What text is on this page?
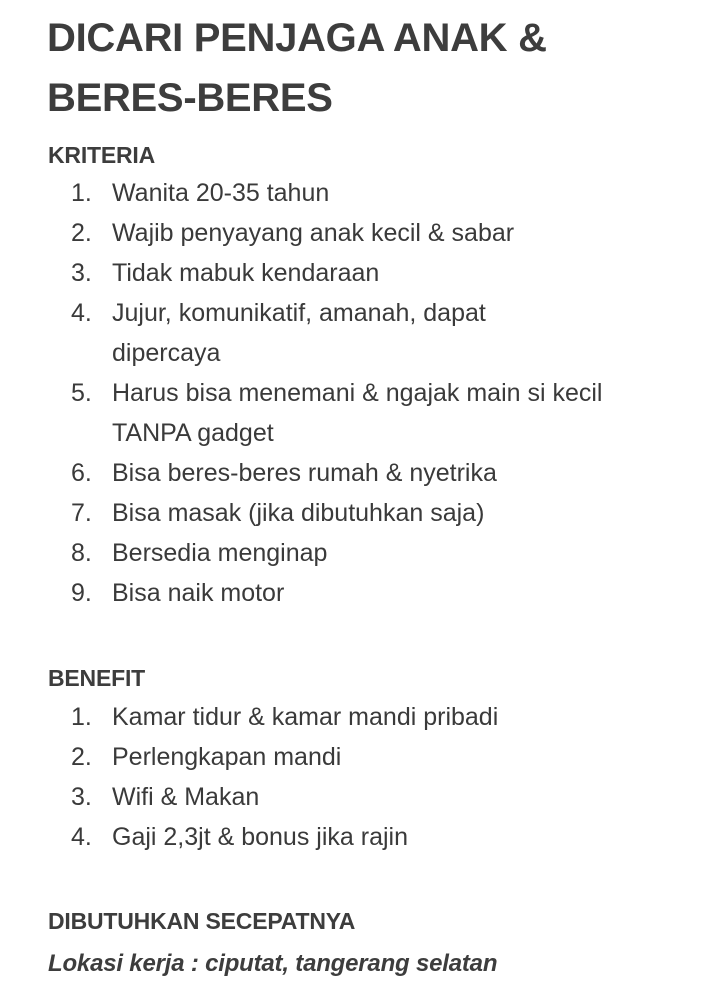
DICARI PENJAGA ANAK & BERES-BERES
KRITERIA
1. Wanita 20-35 tahun
2. Wajib penyayang anak kecil & sabar
3. Tidak mabuk kendaraan
4. Jujur, komunikatif, amanah, dapat dipercaya
5. Harus bisa menemani & ngajak main si kecil TANPA gadget
6. Bisa beres-beres rumah & nyetrika
7. Bisa masak (jika dibutuhkan saja)
8. Bersedia menginap
9. Bisa naik motor
BENEFIT
1. Kamar tidur & kamar mandi pribadi
2. Perlengkapan mandi
3. Wifi & Makan
4. Gaji 2,3jt & bonus jika rajin
DIBUTUHKAN SECEPATNYA
Lokasi kerja : ciputat, tangerang selatan
